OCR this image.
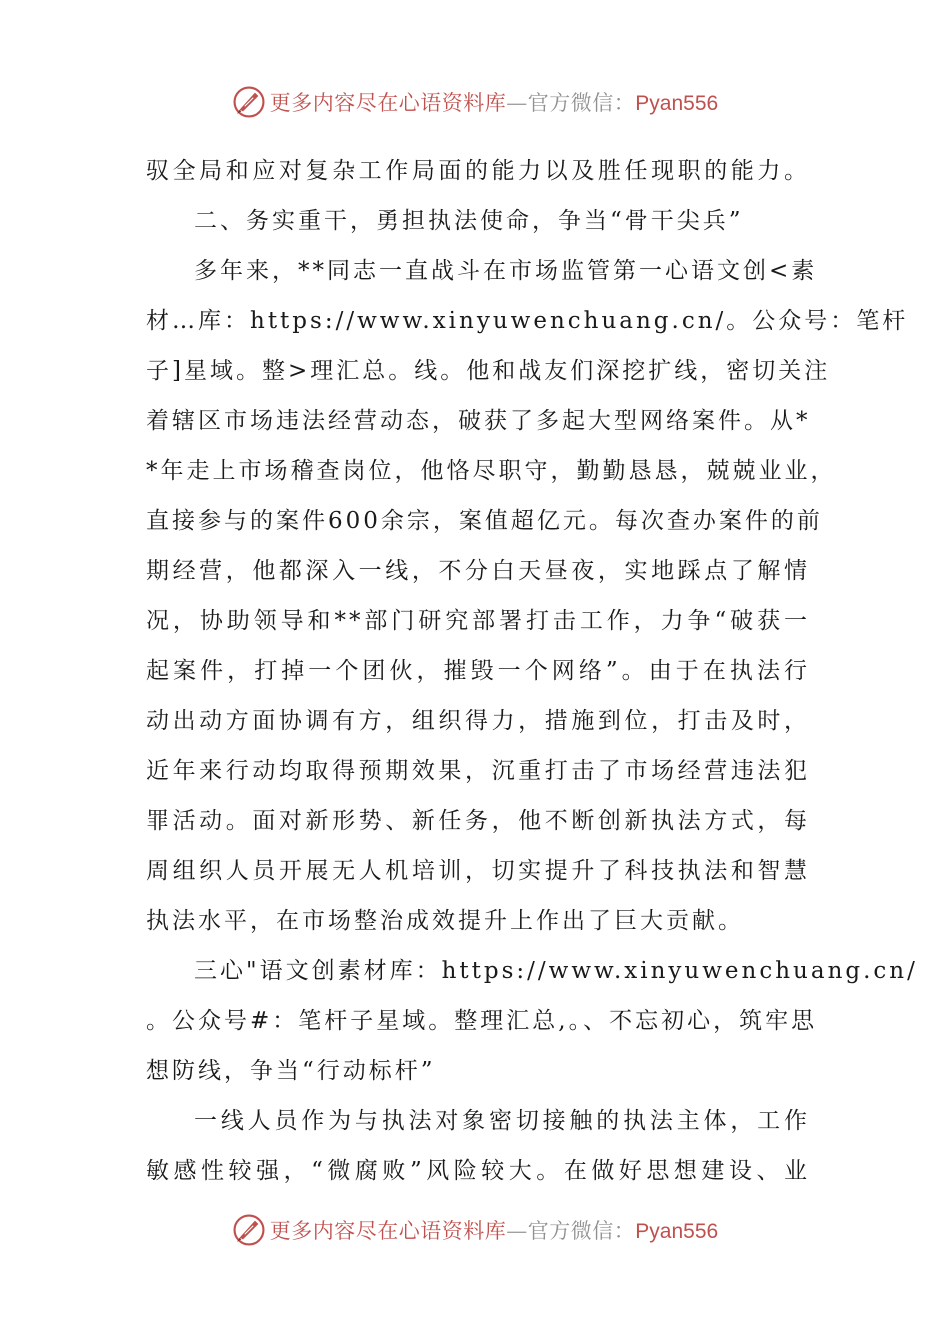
更多内容尽在心语资料库—官方微信：Pyan556
驭全局和应对复杂工作局面的能力以及胜任现职的能力。
二、务实重干，勇担执法使命，争当“骨干尖兵”
多年来，**同志一直战斗在市场监管第一心语文创<素
材…库：https://www.xinyuwenchuang.cn/。公众号：笔杆
子]星域。整>理汇总。线。他和战友们深挖扩线，密切关注
着辖区市场违法经营动态，破获了多起大型网络案件。从*
*年走上市场稽查岗位，他恪尽职守，勤勤恳恳，兢兢业业，
直接参与的案件600余宗，案值超亿元。每次查办案件的前
期经营，他都深入一线，不分白天昼夜，实地踩点了解情
况，协助领导和**部门研究部署打击工作，力争“破获一
起案件，打掉一个团伙，摧毁一个网络”。由于在执法行
动出动方面协调有方，组织得力，措施到位，打击及时，
近年来行动均取得预期效果，沉重打击了市场经营违法犯
罪活动。面对新形势、新任务，他不断创新执法方式，每
周组织人员开展无人机培训，切实提升了科技执法和智慧
执法水平，在市场整治成效提升上作出了巨大贡献。
三心"语文创素材库：https://www.xinyuwenchuang.cn/
。公众号#：笔杆子星域。整理汇总,。、不忘初心，筑牢思
想防线，争当“行动标杆”
一线人员作为与执法对象密切接触的执法主体，工作
敏感性较强，“微腐败”风险较大。在做好思想建设、业
更多内容尽在心语资料库—官方微信：Pyan556
